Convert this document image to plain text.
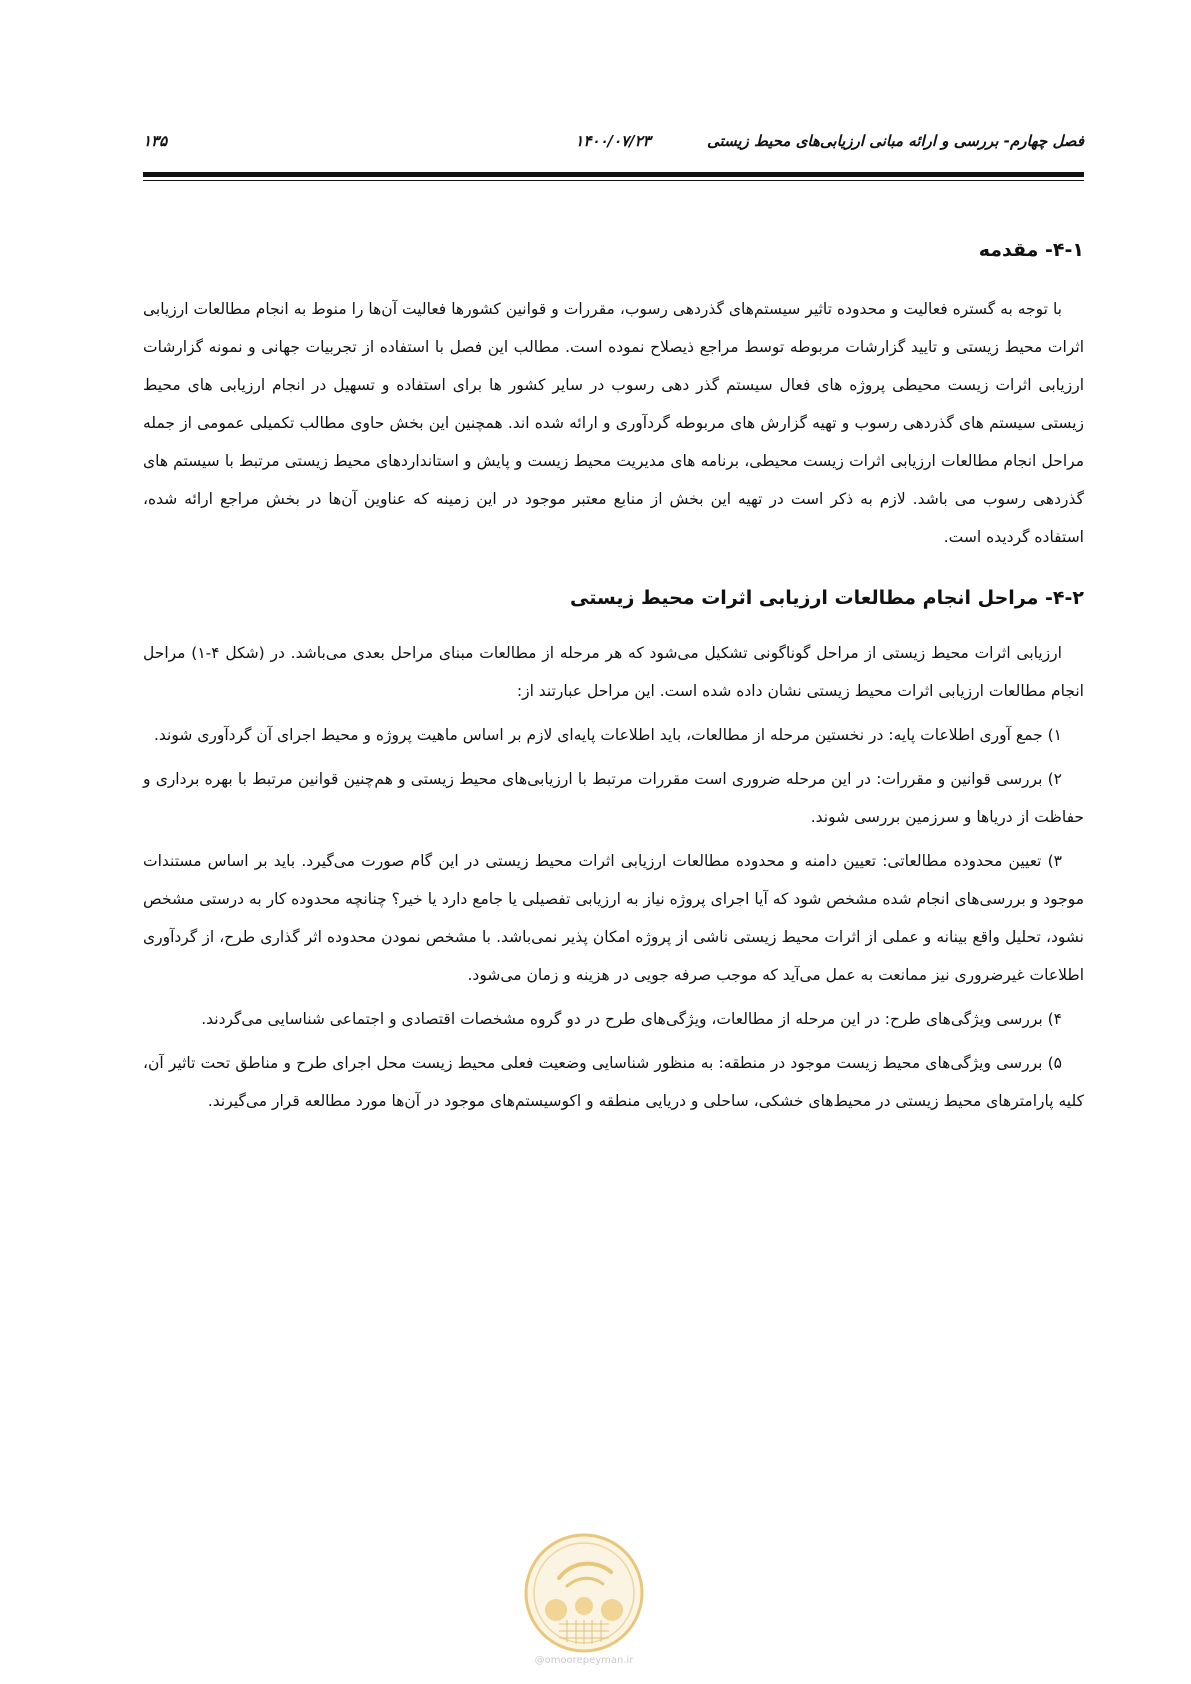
فصل چهارم- بررسی و ارائه مبانی ارزیابی‌های محیط زیستی
۱۴۰۰/۰۷/۲۳
۱۳۵
۴-۱- مقدمه

با توجه به گستره فعالیت و محدوده تاثیر سیستم‌های گذردهی رسوب، مقررات و قوانین کشورها فعالیت آن‌ها را منوط به انجام مطالعات ارزیابی اثرات محیط زیستی و تایید گزارشات مربوطه توسط مراجع ذیصلاح نموده است. مطالب این فصل با استفاده از تجربیات جهانی و نمونه گزارشات ارزیابی اثرات زیست محیطی پروژه های فعال سیستم گذر دهی رسوب در سایر کشور ها برای استفاده و تسهیل در انجام ارزیابی های محیط زیستی سیستم های گذردهی رسوب و تهیه گزارش های مربوطه گردآوری و ارائه شده اند. همچنین این بخش حاوی مطالب تکمیلی عمومی از جمله مراحل انجام مطالعات ارزیابی اثرات زیست محیطی، برنامه های مدیریت محیط زیست و پایش و استانداردهای محیط زیستی مرتبط با سیستم های گذردهی رسوب می باشد. لازم به ذکر است در تهیه این بخش از منابع معتبر موجود در این زمینه که عناوین آن‌ها در بخش مراجع ارائه شده، استفاده گردیده است.

۴-۲- مراحل انجام مطالعات ارزیابی اثرات محیط زیستی

ارزیابی اثرات محیط زیستی از مراحل گوناگونی تشکیل می‌شود که هر مرحله از مطالعات مبنای مراحل بعدی می‌باشد. در (شکل ۴-۱) مراحل انجام مطالعات ارزیابی اثرات محیط زیستی نشان داده شده است. این مراحل عبارتند از:

۱) جمع آوری اطلاعات پایه: در نخستین مرحله از مطالعات، باید اطلاعات پایه‌ای لازم بر اساس ماهیت پروژه و محیط اجرای آن گردآوری شوند.

۲) بررسی قوانین و مقررات: در این مرحله ضروری است مقررات مرتبط با ارزیابی‌های محیط زیستی و هم‌چنین قوانین مرتبط با بهره برداری و حفاظت از دریاها و سرزمین بررسی شوند.

۳) تعیین محدوده مطالعاتی: تعیین دامنه و محدوده مطالعات ارزیابی اثرات محیط زیستی در این گام صورت می‌گیرد. باید بر اساس مستندات موجود و بررسی‌های انجام شده مشخص شود که آیا اجرای پروژه نیاز به ارزیابی تفصیلی یا جامع دارد یا خیر؟ چنانچه محدوده کار به درستی مشخص نشود، تحلیل واقع بینانه و عملی از اثرات محیط زیستی ناشی از پروژه امکان پذیر نمی‌باشد. با مشخص نمودن محدوده اثر گذاری طرح، از گردآوری اطلاعات غیرضروری نیز ممانعت به عمل می‌آید که موجب صرفه جویی در هزینه و زمان می‌شود.

۴) بررسی ویژگی‌های طرح: در این مرحله از مطالعات، ویژگی‌های طرح در دو گروه مشخصات اقتصادی و اجتماعی شناسایی می‌گردند.

۵) بررسی ویژگی‌های محیط زیست موجود در منطقه: به منظور شناسایی وضعیت فعلی محیط زیست محل اجرای طرح و مناطق تحت تاثیر آن، کلیه پارامترهای محیط زیستی در محیط‌های خشکی، ساحلی و دریایی منطقه و اکوسیستم‌های موجود در آن‌ها مورد مطالعه قرار می‌گیرند.

@omoorepeyman.ir
